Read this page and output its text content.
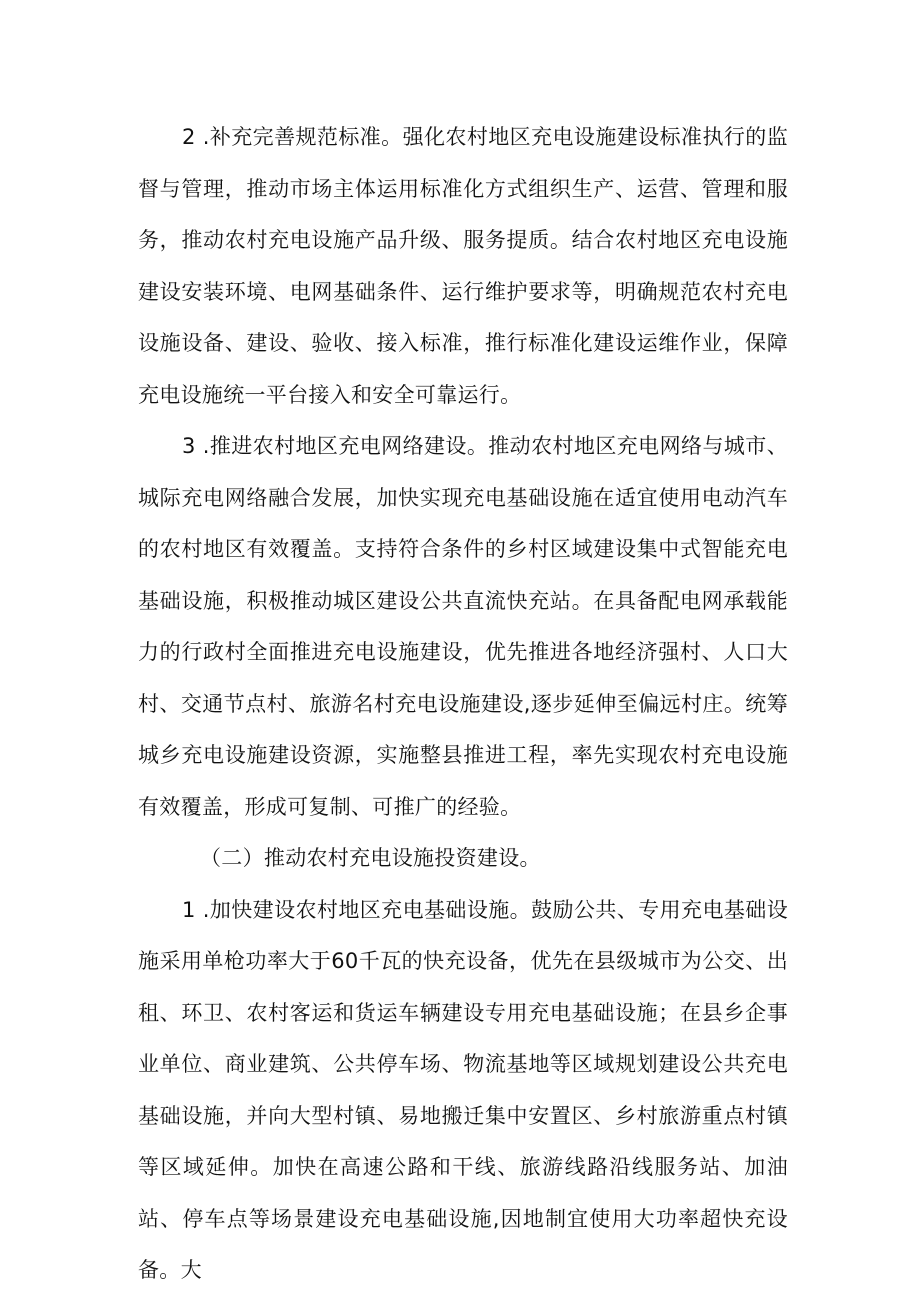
2 .补充完善规范标准。强化农村地区充电设施建设标准执行的监督与管理，推动市场主体运用标准化方式组织生产、运营、管理和服务，推动农村充电设施产品升级、服务提质。结合农村地区充电设施建设安装环境、电网基础条件、运行维护要求等，明确规范农村充电设施设备、建设、验收、接入标准，推行标准化建设运维作业，保障充电设施统一平台接入和安全可靠运行。

3 .推进农村地区充电网络建设。推动农村地区充电网络与城市、城际充电网络融合发展，加快实现充电基础设施在适宜使用电动汽车的农村地区有效覆盖。支持符合条件的乡村区域建设集中式智能充电基础设施，积极推动城区建设公共直流快充站。在具备配电网承载能力的行政村全面推进充电设施建设，优先推进各地经济强村、人口大村、交通节点村、旅游名村充电设施建设,逐步延伸至偏远村庄。统筹城乡充电设施建设资源，实施整县推进工程，率先实现农村充电设施有效覆盖，形成可复制、可推广的经验。

（二）推动农村充电设施投资建设。

1 .加快建设农村地区充电基础设施。鼓励公共、专用充电基础设施采用单枪功率大于60千瓦的快充设备，优先在县级城市为公交、出租、环卫、农村客运和货运车辆建设专用充电基础设施；在县乡企事业单位、商业建筑、公共停车场、物流基地等区域规划建设公共充电基础设施，并向大型村镇、易地搬迁集中安置区、乡村旅游重点村镇等区域延伸。加快在高速公路和干线、旅游线路沿线服务站、加油站、停车点等场景建设充电基础设施,因地制宜使用大功率超快充设备。大
